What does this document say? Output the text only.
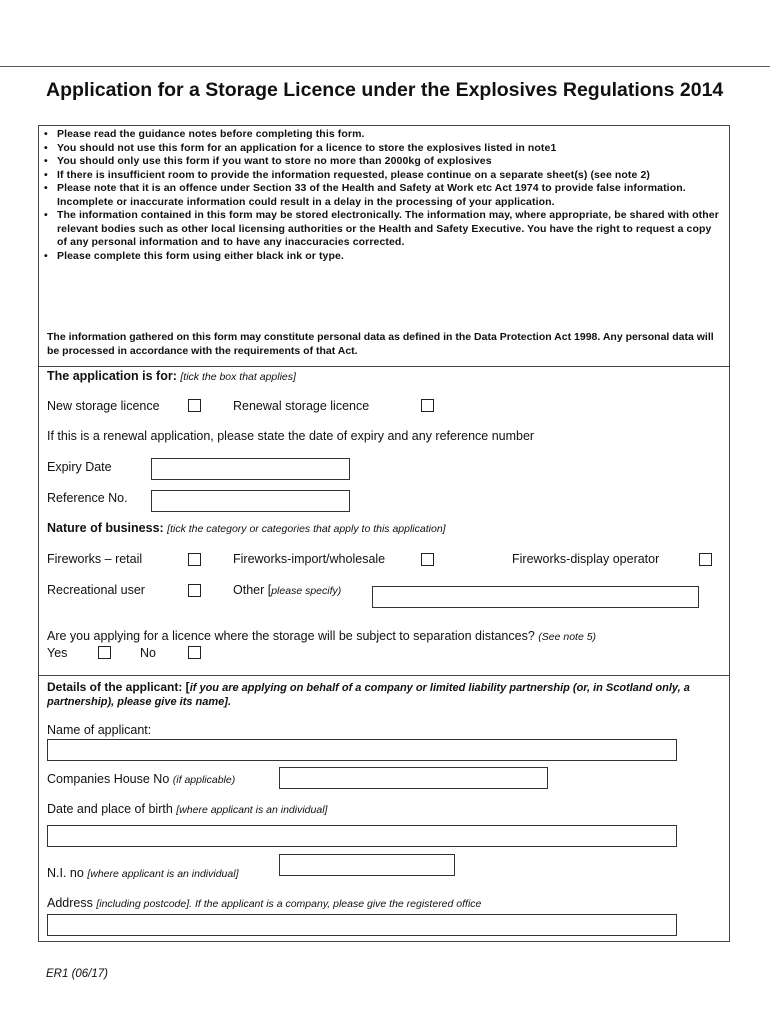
Application for a Storage Licence under the Explosives Regulations 2014
• Please read the guidance notes before completing this form.
• You should not use this form for an application for a licence to store the explosives listed in note1
• You should only use this form if you want to store no more than 2000kg of explosives
• If there is insufficient room to provide the information requested, please continue on a separate sheet(s) (see note 2)
• Please note that it is an offence under Section 33 of the Health and Safety at Work etc Act 1974 to provide false information. Incomplete or inaccurate information could result in a delay in the processing of your application.
• The information contained in this form may be stored electronically. The information may, where appropriate, be shared with other relevant bodies such as other local licensing authorities or the Health and Safety Executive. You have the right to request a copy of any personal information and to have any inaccuracies corrected.
• Please complete this form using either black ink or type.
The information gathered on this form may constitute personal data as defined in the Data Protection Act 1998. Any personal data will be processed in accordance with the requirements of that Act.
The application is for: [tick the box that applies]
New storage licence	Renewal storage licence
If this is a renewal application, please state the date of expiry and any reference number
Expiry Date
Reference No.
Nature of business: [tick the category or categories that apply to this application]
Fireworks – retail	Fireworks-import/wholesale	Fireworks-display operator
Recreational user	Other [please specify)
Are you applying for a licence where the storage will be subject to separation distances? (See note 5)
Yes	No
Details of the applicant: [if you are applying on behalf of a company or limited liability partnership (or, in Scotland only, a partnership), please give its name].
Name of applicant:
Companies House No (if applicable)
Date and place of birth [where applicant is an individual]
N.I. no [where applicant is an individual]
Address [including postcode]. If the applicant is a company, please give the registered office
ER1 (06/17)
